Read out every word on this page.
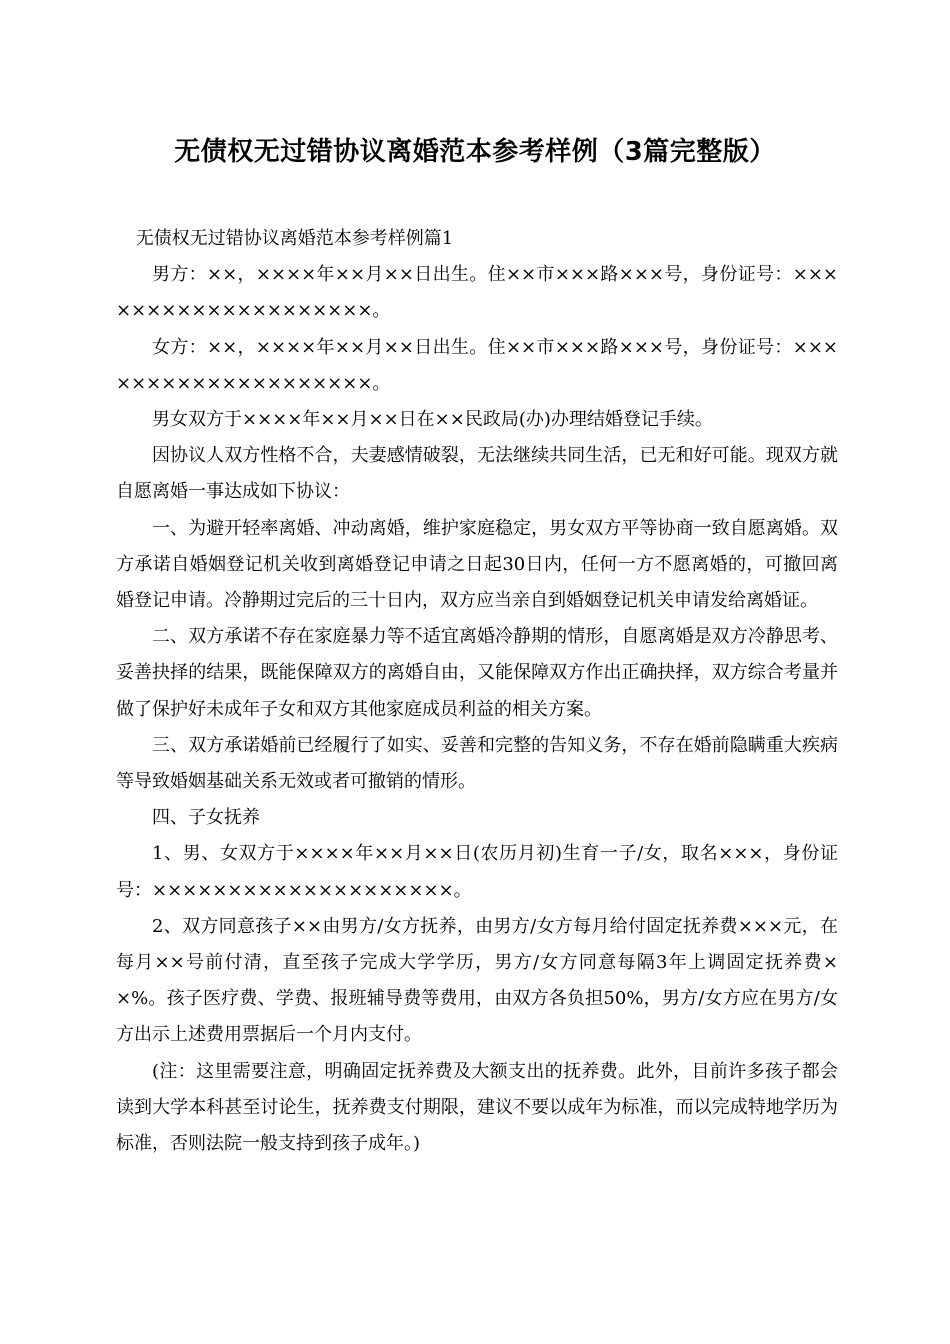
无债权无过错协议离婚范本参考样例（3篇完整版）

无债权无过错协议离婚范本参考样例篇1

男方：××，××××年××月××日出生。住××市×××路×××号，身份证号：××××××××××××××××××××。

女方：××，××××年××月××日出生。住××市×××路×××号，身份证号：××××××××××××××××××××。

男女双方于××××年××月××日在××民政局(办)办理结婚登记手续。

因协议人双方性格不合，夫妻感情破裂，无法继续共同生活，已无和好可能。现双方就自愿离婚一事达成如下协议：

一、为避开轻率离婚、冲动离婚，维护家庭稳定，男女双方平等协商一致自愿离婚。双方承诺自婚姻登记机关收到离婚登记申请之日起30日内，任何一方不愿离婚的，可撤回离婚登记申请。冷静期过完后的三十日内，双方应当亲自到婚姻登记机关申请发给离婚证。

二、双方承诺不存在家庭暴力等不适宜离婚冷静期的情形，自愿离婚是双方冷静思考、妥善抉择的结果，既能保障双方的离婚自由，又能保障双方作出正确抉择，双方综合考量并做了保护好未成年子女和双方其他家庭成员利益的相关方案。

三、双方承诺婚前已经履行了如实、妥善和完整的告知义务，不存在婚前隐瞒重大疾病等导致婚姻基础关系无效或者可撤销的情形。

四、子女抚养

1、男、女双方于××××年××月××日(农历月初)生育一子/女，取名×××，身份证号：××××××××××××××××××××。

2、双方同意孩子××由男方/女方抚养，由男方/女方每月给付固定抚养费×××元，在每月××号前付清，直至孩子完成大学学历，男方/女方同意每隔3年上调固定抚养费××%。孩子医疗费、学费、报班辅导费等费用，由双方各负担50%，男方/女方应在男方/女方出示上述费用票据后一个月内支付。

(注：这里需要注意，明确固定抚养费及大额支出的抚养费。此外，目前许多孩子都会读到大学本科甚至讨论生，抚养费支付期限，建议不要以成年为标准，而以完成特地学历为标准，否则法院一般支持到孩子成年。)
